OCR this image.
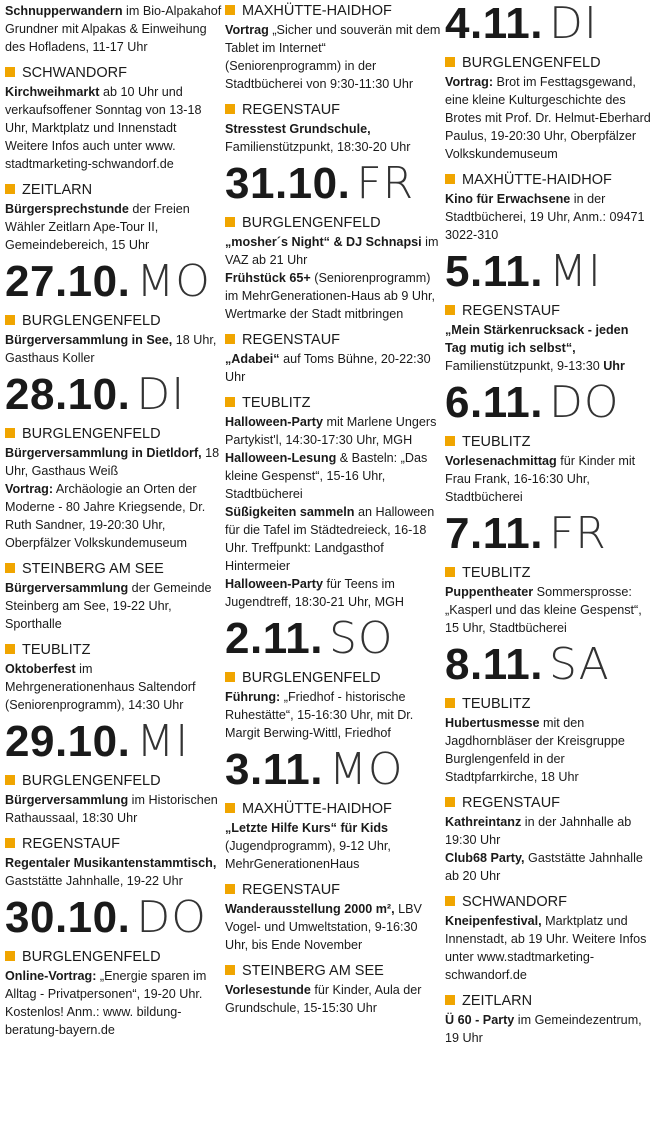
Schnupperwandern im Bio-Alpakahof Grundner mit Alpakas & Einweihung des Hofladens, 11-17 Uhr

SCHWANDORF

Kirchweihmarkt ab 10 Uhr und verkaufsoffener Sonntag von 13-18 Uhr, Marktplatz und Innenstadt Weitere Infos auch unter www. stadtmarketing-schwandorf.de

ZEITLARN

Bürgersprechstunde der Freien Wähler Zeitlarn Ape-Tour II, Gemeindebereich, 15 Uhr

27.10. MO
BURGLENGENFELD

Bürgerversammlung in See, 18 Uhr, Gasthaus Koller

28.10. DI
BURGLENGENFELD

Bürgerversammlung in Dietldorf, 18 Uhr, Gasthaus Weiß

Vortrag: Archäologie an Orten der Moderne - 80 Jahre Kriegsende, Dr. Ruth Sandner, 19-20:30 Uhr, Oberpfälzer Volkskundemuseum

STEINBERG AM SEE

Bürgerversammlung der Gemeinde Steinberg am See, 19-22 Uhr, Sporthalle

TEUBLITZ

Oktoberfest im Mehrgenerationenhaus Saltendorf (Seniorenprogramm), 14:30 Uhr

29.10. MI
BURGLENGENFELD

Bürgerversammlung im Historischen Rathaussaal, 18:30 Uhr

REGENSTAUF

Regentaler Musikantenstammtisch, Gaststätte Jahnhalle, 19-22 Uhr

30.10. DO
BURGLENGENFELD

Online-Vortrag: „Energie sparen im Alltag - Privatpersonen“, 19-20 Uhr. Kostenlos! Anm.: www. bildung-beratung-bayern.de

MAXHÜTTE-HAIDHOF

Vortrag „Sicher und souverän mit dem Tablet im Internet“ (Seniorenprogramm) in der Stadtbücherei von 9:30-11:30 Uhr

REGENSTAUF

Stresstest Grundschule, Familienstützpunkt, 18:30-20 Uhr

31.10. FR
BURGLENGENFELD

„mosher´s Night“ & DJ Schnapsi im VAZ ab 21 Uhr

Frühstück 65+ (Seniorenprogramm) im MehrGenerationen-Haus ab 9 Uhr, Wertmarke der Stadt mitbringen

REGENSTAUF

„Adabei“ auf Toms Bühne, 20-22:30 Uhr

TEUBLITZ

Halloween-Party mit Marlene Ungers Partykist'l, 14:30-17:30 Uhr, MGH

Halloween-Lesung & Basteln: „Das kleine Gespenst“, 15-16 Uhr, Stadtbücherei

Süßigkeiten sammeln an Halloween für die Tafel im Städtedreieck, 16-18 Uhr. Treffpunkt: Landgasthof Hintermeier

Halloween-Party für Teens im Jugendtreff, 18:30-21 Uhr, MGH

2.11. SO
BURGLENGENFELD

Führung: „Friedhof - historische Ruhestätte“, 15-16:30 Uhr, mit Dr. Margit Berwing-Wittl, Friedhof

3.11. MO
MAXHÜTTE-HAIDHOF

„Letzte Hilfe Kurs“ für Kids (Jugendprogramm), 9-12 Uhr, MehrGenerationenHaus

REGENSTAUF

Wanderausstellung 2000 m², LBV Vogel- und Umweltstation, 9-16:30 Uhr, bis Ende November

STEINBERG AM SEE

Vorlesestunde für Kinder, Aula der Grundschule, 15-15:30 Uhr

4.11. DI
BURGLENGENFELD

Vortrag: Brot im Festtagsgewand, eine kleine Kulturgeschichte des Brotes mit Prof. Dr. Helmut-Eberhard Paulus, 19-20:30 Uhr, Oberpfälzer Volkskundemuseum

MAXHÜTTE-HAIDHOF

Kino für Erwachsene in der Stadtbücherei, 19 Uhr, Anm.: 09471 3022-310

5.11. MI
REGENSTAUF

„Mein Stärkenrucksack - jeden Tag mutig ich selbst“, Familienstützpunkt, 9-13:30 Uhr

6.11. DO
TEUBLITZ

Vorlesenachmittag für Kinder mit Frau Frank, 16-16:30 Uhr, Stadtbücherei

7.11. FR
TEUBLITZ

Puppentheater Sommersprosse: „Kasperl und das kleine Gespenst“, 15 Uhr, Stadtbücherei

8.11. SA
TEUBLITZ

Hubertusmesse mit den Jagdhornbläser der Kreisgruppe Burglengenfeld in der Stadtpfarrkirche, 18 Uhr

REGENSTAUF

Kathreintanz in der Jahnhalle ab 19:30 Uhr

Club68 Party, Gaststätte Jahnhalle ab 20 Uhr

SCHWANDORF

Kneipenfestival, Marktplatz und Innenstadt, ab 19 Uhr. Weitere Infos unter www.stadtmarketing-schwandorf.de

ZEITLARN

Ü 60 - Party im Gemeindezentrum, 19 Uhr
